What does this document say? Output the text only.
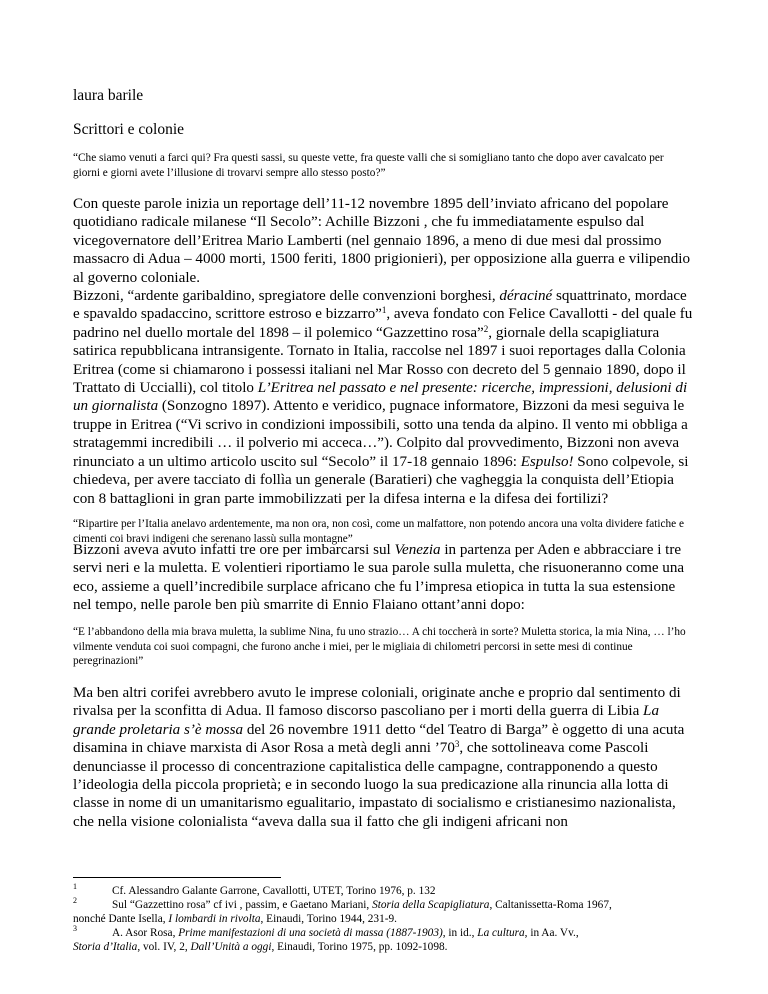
laura barile
Scrittori e colonie
“Che siamo venuti a farci qui? Fra questi sassi, su queste vette, fra queste valli che si somigliano tanto che dopo aver cavalcato per giorni e giorni avete l’illusione di trovarvi sempre allo stesso posto?”
Con queste parole inizia un reportage dell’11-12 novembre 1895 dell’inviato africano del popolare quotidiano radicale milanese “Il Secolo”: Achille Bizzoni , che fu immediatamente espulso dal vicegovernatore dell’Eritrea Mario Lamberti (nel gennaio 1896, a meno di due mesi dal prossimo massacro di Adua – 4000 morti, 1500 feriti, 1800 prigionieri), per opposizione alla guerra e vilipendio al governo coloniale.
Bizzoni, “ardente garibaldino, spregiatore delle convenzioni borghesi, déraciné squattrinato, mordace e spavaldo spadaccino, scrittore estroso e bizzarro”$^1$, aveva fondato con Felice Cavallotti - del quale fu padrino nel duello mortale del 1898 – il polemico “Gazzettino rosa”$^2$, giornale della scapigliatura satirica repubblicana intransigente. Tornato in Italia, raccolse nel 1897 i suoi reportages dalla Colonia Eritrea (come si chiamarono i possessi italiani nel Mar Rosso con decreto del 5 gennaio 1890, dopo il Trattato di Uccialli), col titolo L’Eritrea nel passato e nel presente: ricerche, impressioni, delusioni di un giornalista (Sonzogno 1897). Attento e veridico, pugnace informatore, Bizzoni da mesi seguiva le truppe in Eritrea (“Vi scrivo in condizioni impossibili, sotto una tenda da alpino. Il vento mi obbliga a stratagemmi incredibili … il polverio mi acceca…”). Colpito dal provvedimento, Bizzoni non aveva rinunciato a un ultimo articolo uscito sul “Secolo” il 17-18 gennaio 1896: Espulso! Sono colpevole, si chiedeva, per avere tacciato di follìa un generale (Baratieri) che vagheggia la conquista dell’Etiopia con 8 battaglioni in gran parte immobilizzati per la difesa interna e la difesa dei fortilizi?
“Ripartire per l’Italia anelavo ardentemente, ma non ora, non così, come un malfattore, non potendo ancora una volta dividere fatiche e cimenti coi bravi indigeni che serenano lassù sulla montagne”
Bizzoni aveva avuto infatti tre ore per imbarcarsi sul Venezia in partenza per Aden e abbracciare i tre servi neri e la muletta. E volentieri riportiamo le sua parole sulla muletta, che risuoneranno come una eco, assieme a quell’incredibile surplace africano che fu l’impresa etiopica in tutta la sua estensione nel tempo, nelle parole ben più smarrite di Ennio Flaiano ottant’anni dopo:
“E l’abbandono della mia brava muletta, la sublime Nina, fu uno strazio… A chi toccherà in sorte? Muletta storica, la mia Nina, … l’ho vilmente venduta coi suoi compagni, che furono anche i miei, per le migliaia di chilometri percorsi in sette mesi di continue peregrinazioni”
Ma ben altri corifei avrebbero avuto le imprese coloniali, originate anche e proprio dal sentimento di rivalsa per la sconfitta di Adua. Il famoso discorso pascoliano per i morti della guerra di Libia La grande proletaria s’è mossa del 26 novembre 1911 detto “del Teatro di Barga” è oggetto di una acuta disamina in chiave marxista di Asor Rosa a metà degli anni $’70^3$, che sottolineava come Pascoli denunciasse il processo di concentrazione capitalistica delle campagne, contrapponendo a questo l’ideologia della piccola proprietà; e in secondo luogo la sua predicazione alla rinuncia alla lotta di classe in nome di un umanitarismo egualitario, impastato di socialismo e cristianesimo nazionalista, che nella visione colonialista “aveva dalla sua il fatto che gli indigeni africani non
1	Cf. Alessandro Galante Garrone, Cavallotti, UTET, Torino 1976, p. 132
2	Sul “Gazzettino rosa” cf ivi , passim, e Gaetano Mariani, Storia della Scapigliatura, Caltanissetta-Roma 1967,
nonché Dante Isella, I lombardi in rivolta, Einaudi, Torino 1944, 231-9.
3	A. Asor Rosa, Prime manifestazioni di una società di massa (1887-1903), in id., La cultura, in Aa. Vv.,
Storia d’Italia, vol. IV, 2, Dall’Unità a oggi, Einaudi, Torino 1975, pp. 1092-1098.
